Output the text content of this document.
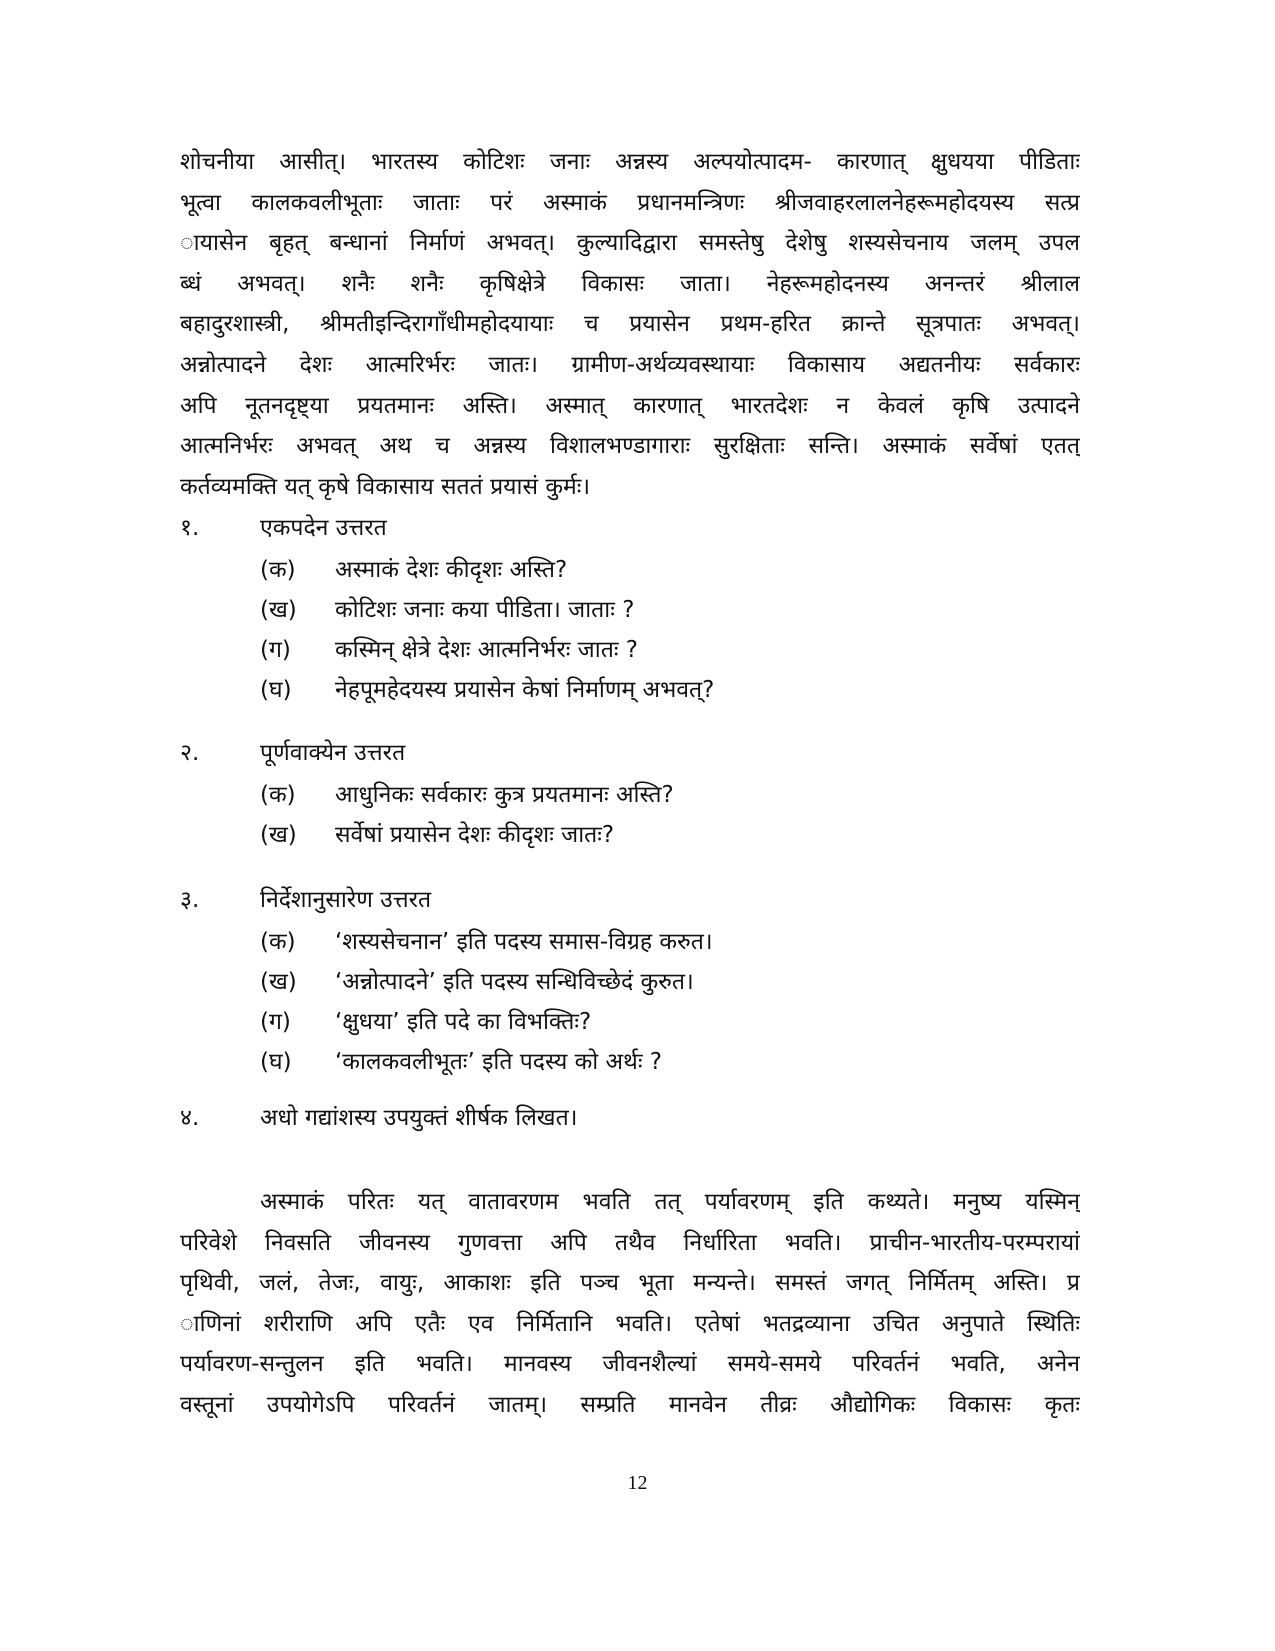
शोचनीया आसीत्। भारतस्य कोटिशः जनाः अन्नस्य अल्पयोत्पादम- कारणात् क्षुधयया पीडिताः
भूत्वा कालकवलीभूताः जाताः परं अस्माकं प्रधानमन्त्रिणः श्रीजवाहरलालनेहरूमहोदयस्य सत्प्र
ायासेन बृहत् बन्धानां निर्माणं अभवत्। कुल्यादिद्वारा समस्तेषु देशेषु शस्यसेचनाय जलम् उपल
ब्धं अभवत्। शनैः शनैः कृषिक्षेत्रे विकासः जाता। नेहरूमहोदनस्य अनन्तरं श्रीलाल
बहादुरशास्त्री, श्रीमतीइन्दिरागाँधीमहोदयायाः च प्रयासेन प्रथम-हरित क्रान्ते सूत्रपातः अभवत्।
अन्नोत्पादने देशः आत्मरिर्भरः जातः। ग्रामीण-अर्थव्यवस्थायाः विकासाय अद्यतनीयः सर्वकारः
अपि नूतनदृष्ट्या प्रयतमानः अस्ति। अस्मात् कारणात् भारतदेशः न केवलं कृषि उत्पादने
आत्मनिर्भरः अभवत् अथ च अन्नस्य विशालभण्डागाराः सुरक्षिताः सन्ति। अस्माकं सर्वेषां एतत्
कर्तव्यमक्ति यत् कृषे विकासाय सततं प्रयासं कुर्मः।

१.	एकपदेन उत्तरत
(क)	अस्माकं देशः कीदृशः अस्ति?
(ख)	कोटिशः जनाः कया पीडिता। जाताः ?
(ग)	कस्मिन् क्षेत्रे देशः आत्मनिर्भरः जातः ?
(घ)	नेहपूमहेदयस्य प्रयासेन केषां निर्माणम् अभवत्?
२.	पूर्णवाक्येन उत्तरत
(क)	आधुनिकः सर्वकारः कुत्र प्रयतमानः अस्ति?
(ख)	सर्वेषां प्रयासेन देशः कीदृशः जातः?
३.	निर्देशानुसारेण उत्तरत
(क)	‘शस्यसेचनान’ इति पदस्य समास-विग्रह करुत।
(ख)	‘अन्नोत्पादने’ इति पदस्य सन्धिविच्छेदं कुरुत।
(ग)	‘क्षुधया’ इति पदे का विभक्तिः?
(घ)	‘कालकवलीभूतः’ इति पदस्य को अर्थः ?
४.	अधो गद्यांशस्य उपयुक्तं शीर्षक लिखत।

अस्माकं परितः यत् वातावरणम भवति तत् पर्यावरणम् इति कथ्यते। मनुष्य यस्मिन्
परिवेशे निवसति जीवनस्य गुणवत्ता अपि तथैव निर्धारिता भवति। प्राचीन-भारतीय-परम्परायां
पृथिवी, जलं, तेजः, वायुः, आकाशः इति पञ्च भूता मन्यन्ते। समस्तं जगत् निर्मितम् अस्ति। प्र
ाणिनां शरीराणि अपि एतैः एव निर्मितानि भवति। एतेषां भतद्रव्याना उचित अनुपाते स्थितिः
पर्यावरण-सन्तुलन इति भवति। मानवस्य जीवनशैल्यां समये-समये परिवर्तनं भवति, अनेन
वस्तूनां उपयोगेऽपि परिवर्तनं जातम्। सम्प्रति मानवेन तीव्रः औद्योगिकः विकासः कृतः

12
